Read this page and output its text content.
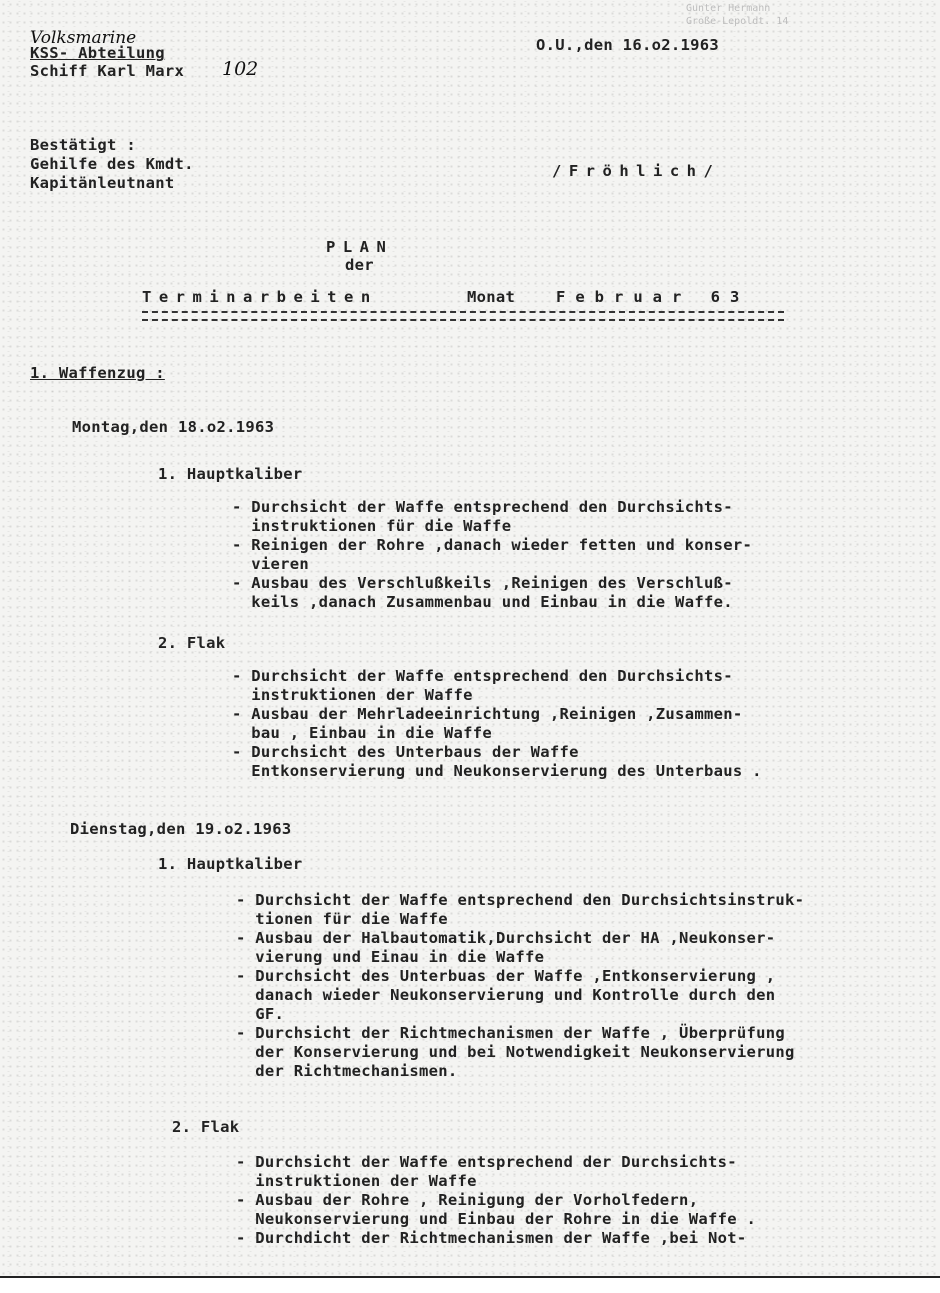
Gunter Hermann
Große-Lepoldt. 14
Volksmarine
KSS- Abteilung
Schiff Karl Marx 102
O.U.,den 16.o2.1963
Bestätigt :
Gehilfe des Kmdt.
Kapitänleutnant
/Fröhlich/
PLAN
der
Terminarbeiten	Monat	Februar 63
1. Waffenzug :
Montag,den 18.o2.1963
1. Hauptkaliber
- Durchsicht der Waffe entsprechend den Durchsichts-
instruktionen für die Waffe
- Reinigen der Rohre ,danach wieder fetten und konser-
vieren
- Ausbau des Verschlußkeils ,Reinigen des Verschluß-
keils ,danach Zusammenbau und Einbau in die Waffe.
2. Flak
- Durchsicht der Waffe entsprechend den Durchsichts-
instruktionen der Waffe
- Ausbau der Mehrladeeinrichtung ,Reinigen ,Zusammen-
bau , Einbau in die Waffe
- Durchsicht des Unterbaus der Waffe
Entkonservierung und Neukonservierung des Unterbaus .
Dienstag,den 19.o2.1963
1. Hauptkaliber
- Durchsicht der Waffe entsprechend den Durchsichtsinstruk-
tionen für die Waffe
- Ausbau der Halbautomatik,Durchsicht der HA ,Neukonser-
vierung und Einau in die Waffe
- Durchsicht des Unterbuas der Waffe ,Entkonservierung ,
danach wieder Neukonservierung und Kontrolle durch den
GF.
- Durchsicht der Richtmechanismen der Waffe , Überprüfung
der Konservierung und bei Notwendigkeit Neukonservierung
der Richtmechanismen.
2. Flak
- Durchsicht der Waffe entsprechend der Durchsichts-
instruktionen der Waffe
- Ausbau der Rohre , Reinigung der Vorholfedern,
Neukonservierung und Einbau der Rohre in die Waffe .
- Durchdicht der Richtmechanismen der Waffe ,bei Not-
